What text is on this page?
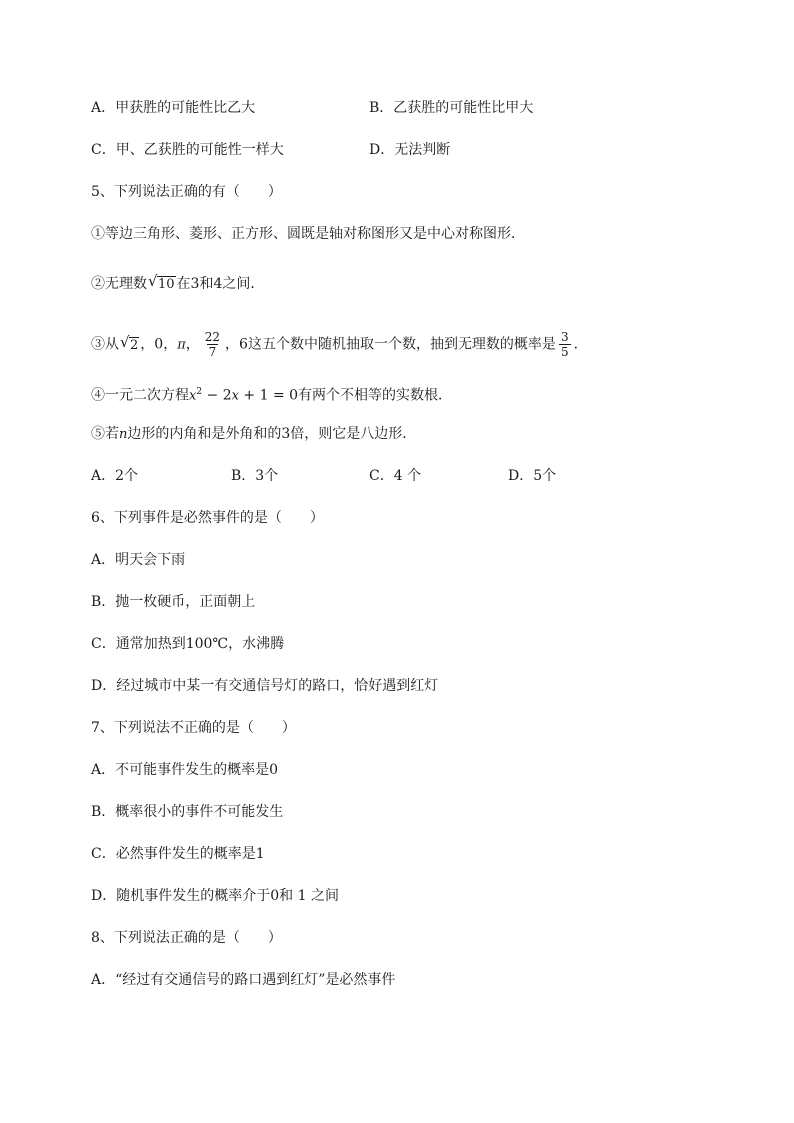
A．甲获胜的可能性比乙大	B．乙获胜的可能性比甲大
C．甲、乙获胜的可能性一样大	D．无法判断
5、下列说法正确的有（　　）
①等边三角形、菱形、正方形、圆既是轴对称图形又是中心对称图形．
②无理数 √ 10 在3和4之间．
③从 √ 2 ，0，π， $\frac{22}{7}$ ，6这五个数中随机抽取一个数，抽到无理数的概率是 $\frac{3}{5}$ ．
④一元二次方程$x^2 - 2x + 1 = 0$有两个不相等的实数根．
⑤若n边形的内角和是外角和的3倍，则它是八边形．
A．2个	B．3个	C．4 个	D．5个
6、下列事件是必然事件的是（　　）
A．明天会下雨
B．抛一枚硬币，正面朝上
C．通常加热到100℃，水沸腾
D．经过城市中某一有交通信号灯的路口，恰好遇到红灯
7、下列说法不正确的是（　　）
A．不可能事件发生的概率是0
B．概率很小的事件不可能发生
C．必然事件发生的概率是1
D．随机事件发生的概率介于0和 1 之间
8、下列说法正确的是（　　）
A．“经过有交通信号的路口遇到红灯”是必然事件
